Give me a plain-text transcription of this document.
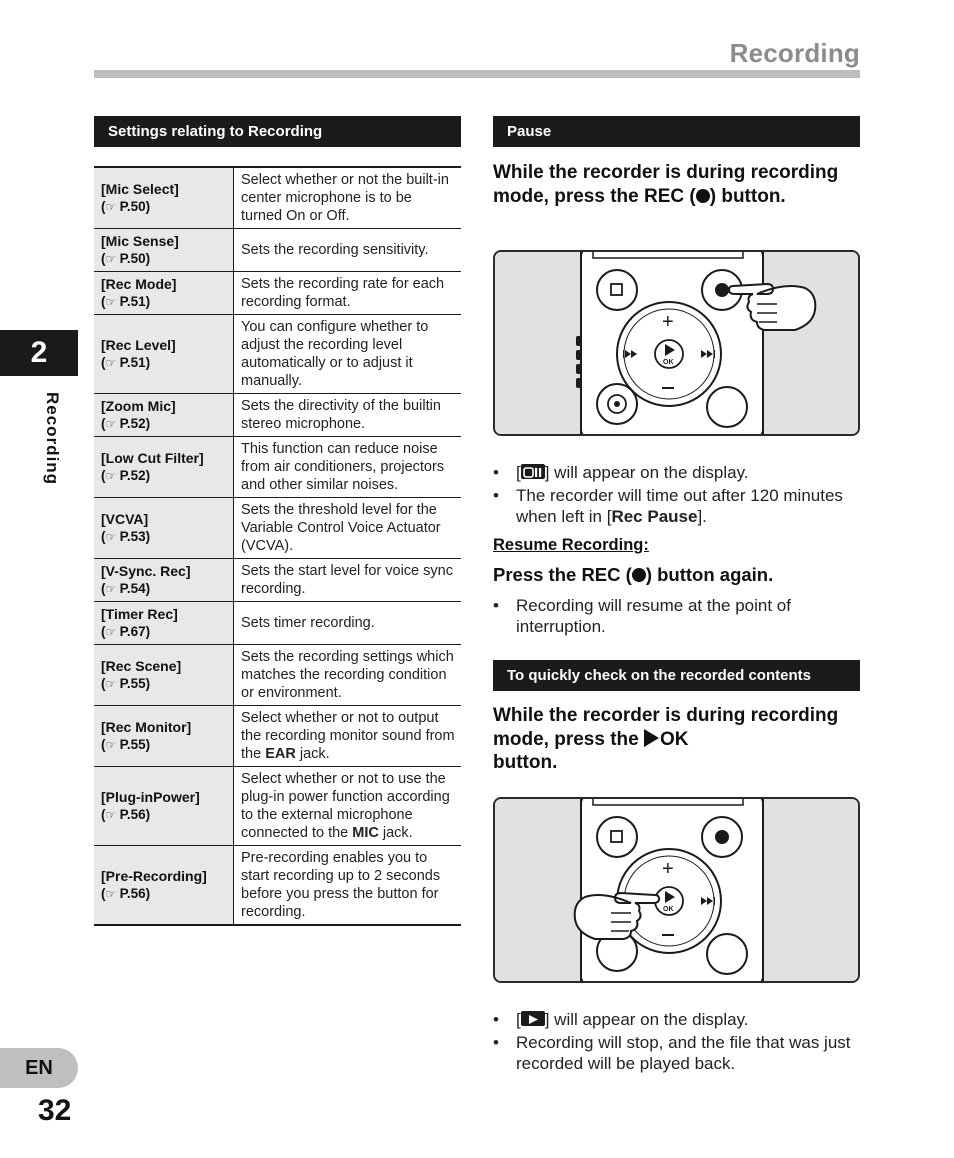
Recording
2
Recording
EN
32
Settings relating to Recording
[Mic Select]
(☞ P.50)	Select whether or not the built-in center microphone is to be turned On or Off.

[Mic Sense]
(☞ P.50)	Sets the recording sensitivity.

[Rec Mode]
(☞ P.51)	Sets the recording rate for each recording format.

[Rec Level]
(☞ P.51)	You can configure whether to adjust the recording level automatically or to adjust it manually.

[Zoom Mic]
(☞ P.52)	Sets the directivity of the builtin stereo microphone.

[Low Cut Filter]
(☞ P.52)	This function can reduce noise from air conditioners, projectors and other similar noises.

[VCVA]
(☞ P.53)	Sets the threshold level for the Variable Control Voice Actuator (VCVA).

[V-Sync. Rec]
(☞ P.54)	Sets the start level for voice sync recording.

[Timer Rec]
(☞ P.67)	Sets timer recording.

[Rec Scene]
(☞ P.55)	Sets the recording settings which matches the recording condition or environment.

[Rec Monitor]
(☞ P.55)	Select whether or not to output the recording monitor sound from the EAR jack.

[Plug-inPower]
(☞ P.56)	Select whether or not to use the plug-in power function according to the external microphone connected to the MIC jack.

[Pre-Recording]
(☞ P.56)	Pre-recording enables you to start recording up to 2 seconds before you press the button for recording.
Pause
While the recorder is during recording mode, press the REC ( ) button.
OK
+
• [ ] will appear on the display.
• The recorder will time out after 120 minutes when left in [Rec Pause].
Resume Recording:
Press the REC ( ) button again.
• Recording will resume at the point of interruption.
To quickly check on the recorded contents
While the recorder is during recording mode, press the OK
button.
OK
+
• [ ] will appear on the display.
• Recording will stop, and the file that was just recorded will be played back.
